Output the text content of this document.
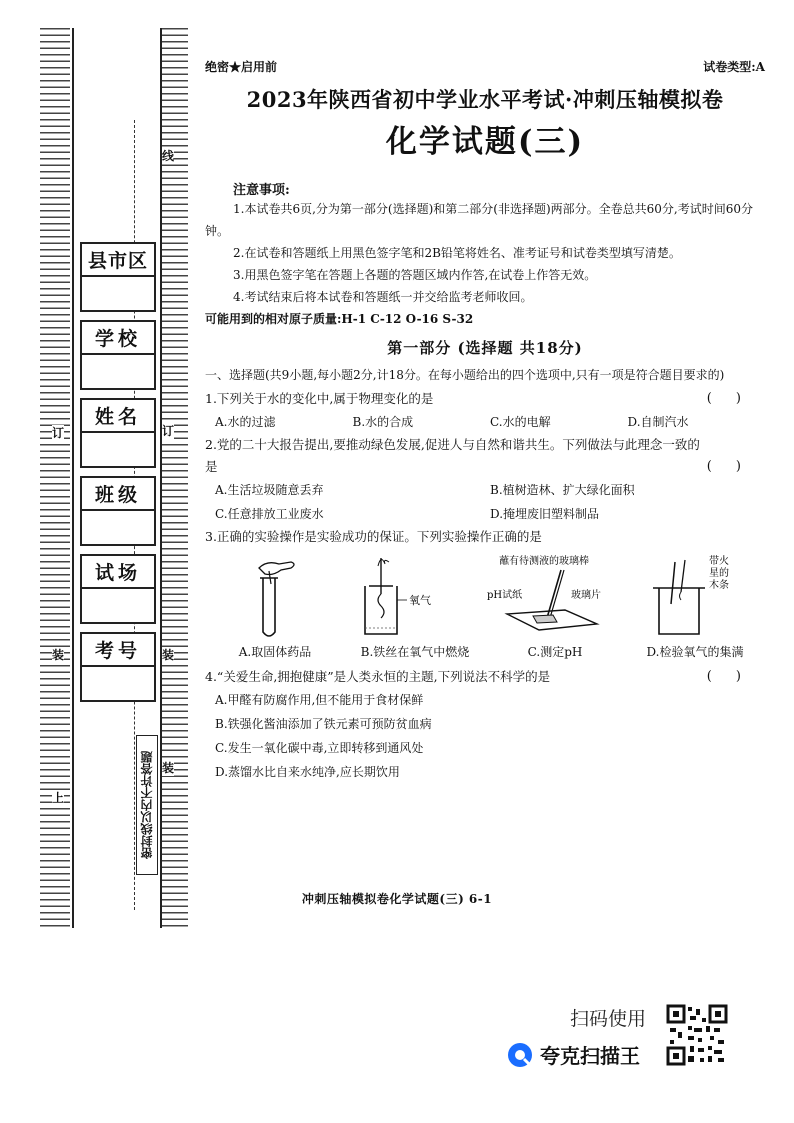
线
订
装
装
订
装
上
县市区
学校
姓名
班级
试场
考号
密封线以内不许答题
绝密★启用前	试卷类型:A
2023年陕西省初中学业水平考试·冲刺压轴模拟卷
化学试题(三)
注意事项:
1.本试卷共6页,分为第一部分(选择题)和第二部分(非选择题)两部分。全卷总共60分,考试时间60分钟。
2.在试卷和答题纸上用黑色签字笔和2B铅笔将姓名、准考证号和试卷类型填写清楚。
3.用黑色签字笔在答题上各题的答题区域内作答,在试卷上作答无效。
4.考试结束后将本试卷和答题纸一并交给监考老师收回。
可能用到的相对原子质量:H-1 C-12 O-16 S-32
第一部分 (选择题 共18分)
一、选择题(共9小题,每小题2分,计18分。在每小题给出的四个选项中,只有一项是符合题目要求的)
1.下列关于水的变化中,属于物理变化的是	( )
A.水的过滤	B.水的合成	C.水的电解	D.自制汽水
2.党的二十大报告提出,要推动绿色发展,促进人与自然和谐共生。下列做法与此理念一致的是	( )
A.生活垃圾随意丢弃	B.植树造林、扩大绿化面积
C.任意排放工业废水	D.掩埋废旧塑料制品
3.正确的实验操作是实验成功的保证。下列实验操作正确的是
氧气
蘸有待测液的玻璃棒
pH试纸	玻璃片
带火星的木条
A.取固体药品	B.铁丝在氧气中燃烧	C.测定pH	D.检验氧气的集满
4.“关爱生命,拥抱健康”是人类永恒的主题,下列说法不科学的是	( )
A.甲醛有防腐作用,但不能用于食材保鲜
B.铁强化酱油添加了铁元素可预防贫血病
C.发生一氧化碳中毒,立即转移到通风处
D.蒸馏水比自来水纯净,应长期饮用
冲刺压轴模拟卷化学试题(三) 6-1
扫码使用
夸克扫描王
